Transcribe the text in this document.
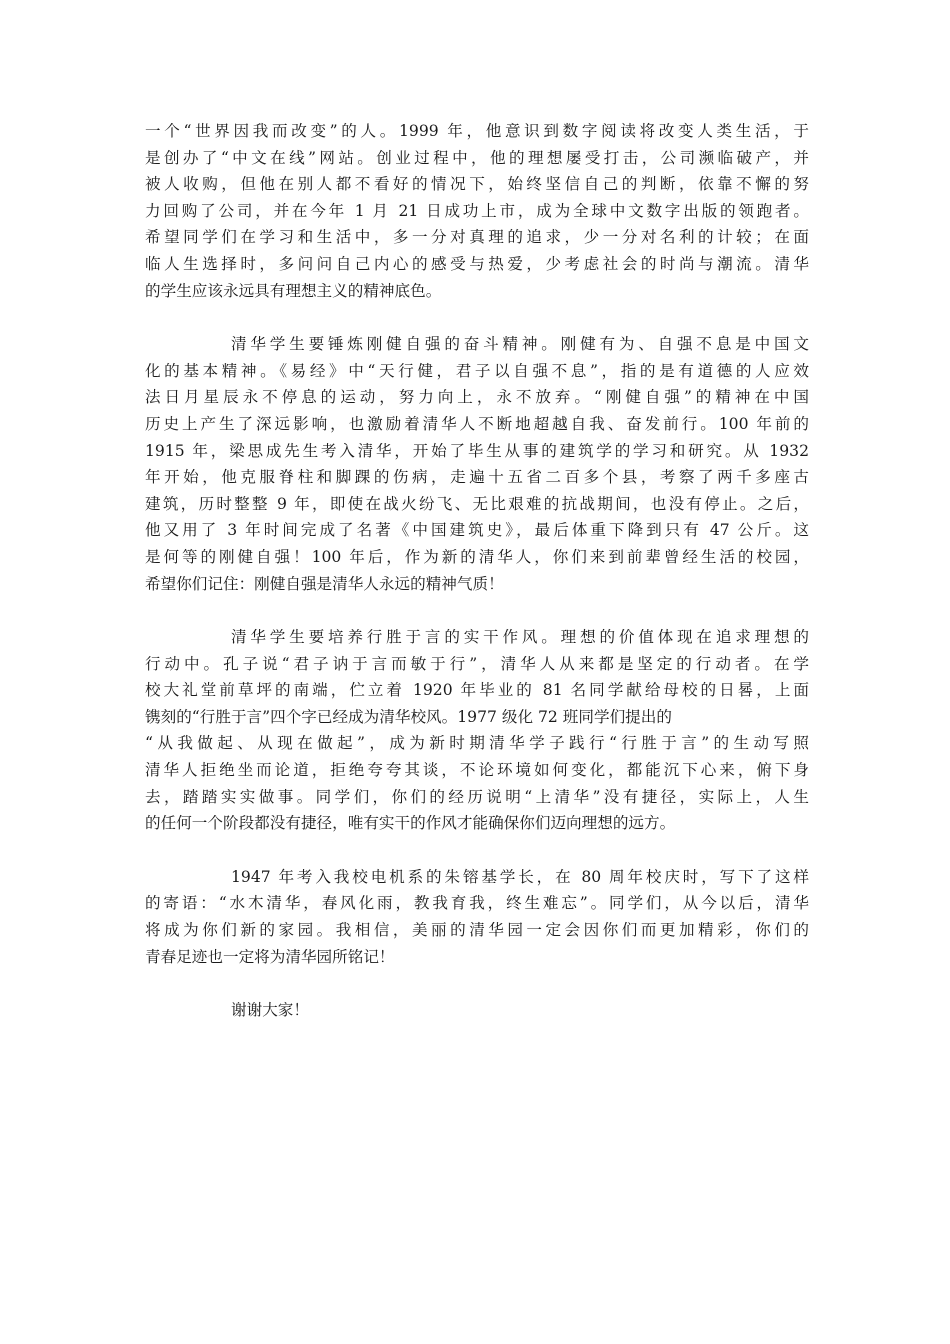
一个“世界因我而改变”的人。1999 年，他意识到数字阅读将改变人类生活，于
是创办了“中文在线”网站。创业过程中，他的理想屡受打击，公司濒临破产，并
被人收购，但他在别人都不看好的情况下，始终坚信自己的判断，依靠不懈的努
力回购了公司，并在今年 1 月 21 日成功上市，成为全球中文数字出版的领跑者。
希望同学们在学习和生活中，多一分对真理的追求，少一分对名利的计较；在面
临人生选择时，多问问自己内心的感受与热爱，少考虑社会的时尚与潮流。清华
的学生应该永远具有理想主义的精神底色。
清华学生要锤炼刚健自强的奋斗精神。刚健有为、自强不息是中国文
化的基本精神。《易经》中“天行健，君子以自强不息”，指的是有道德的人应效
法日月星辰永不停息的运动，努力向上，永不放弃。“刚健自强”的精神在中国
历史上产生了深远影响，也激励着清华人不断地超越自我、奋发前行。100 年前的
1915 年，梁思成先生考入清华，开始了毕生从事的建筑学的学习和研究。从 1932
年开始，他克服脊柱和脚踝的伤病，走遍十五省二百多个县，考察了两千多座古
建筑，历时整整 9 年，即使在战火纷飞、无比艰难的抗战期间，也没有停止。之后，
他又用了 3 年时间完成了名著《中国建筑史》，最后体重下降到只有 47 公斤。这
是何等的刚健自强！100 年后，作为新的清华人，你们来到前辈曾经生活的校园，
希望你们记住：刚健自强是清华人永远的精神气质！
清华学生要培养行胜于言的实干作风。理想的价值体现在追求理想的
行动中。孔子说“君子讷于言而敏于行”，清华人从来都是坚定的行动者。在学
校大礼堂前草坪的南端，伫立着 1920 年毕业的 81 名同学献给母校的日晷，上面
镌刻的“行胜于言”四个字已经成为清华校风。1977 级化 72 班同学们提出的
“从我做起、从现在做起”，成为新时期清华学子践行“行胜于言”的生动写照
清华人拒绝坐而论道，拒绝夸夸其谈，不论环境如何变化，都能沉下心来，俯下身
去，踏踏实实做事。同学们，你们的经历说明“上清华”没有捷径，实际上，人生
的任何一个阶段都没有捷径，唯有实干的作风才能确保你们迈向理想的远方。
1947 年考入我校电机系的朱镕基学长，在 80 周年校庆时，写下了这样
的寄语：“水木清华，春风化雨，教我育我，终生难忘”。同学们，从今以后，清华
将成为你们新的家园。我相信，美丽的清华园一定会因你们而更加精彩，你们的
青春足迹也一定将为清华园所铭记！
谢谢大家！
